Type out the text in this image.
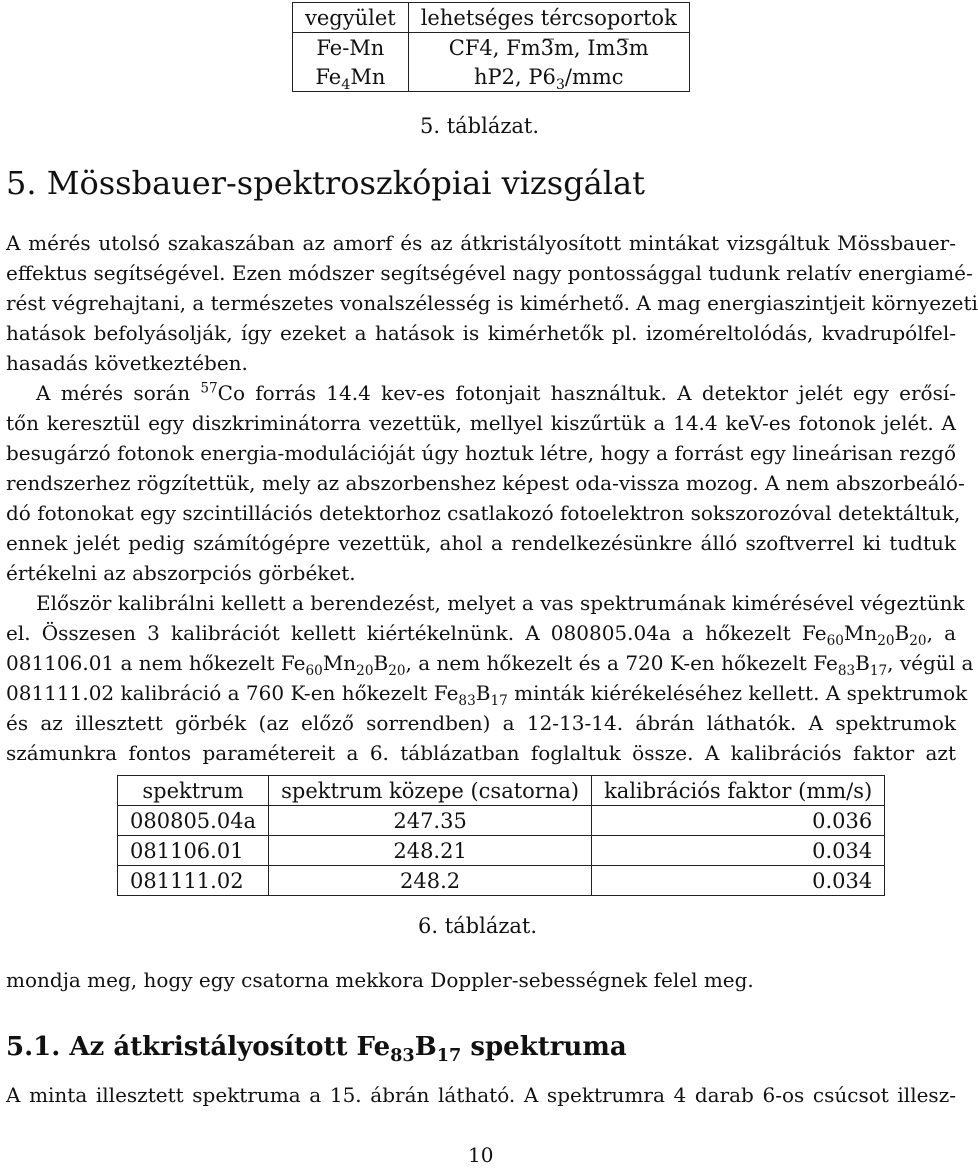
vegyület	lehetséges tércsoportok
Fe-Mn	CF4, Fm3̅m, Im3̅m
$Fe_4Mn$	hP2, $P6_3$/mmc
5. táblázat.
5. Mössbauer-spektroszkópiai vizsgálat
A mérés utolsó szakaszában az amorf és az átkristályosított mintákat vizsgáltuk Mössbauer-
effektus segítségével. Ezen módszer segítségével nagy pontossággal tudunk relatív energiamé-
rést végrehajtani, a természetes vonalszélesség is kimérhető. A mag energiaszintjeit környezeti
hatások befolyásolják, így ezeket a hatások is kimérhetők pl. izoméreltolódás, kvadrupólfel-
hasadás következtében.
A mérés során $^{57}$Co forrás 14.4 kev-es fotonjait használtuk. A detektor jelét egy erősí-
tőn keresztül egy diszkriminátorra vezettük, mellyel kiszűrtük a 14.4 keV-es fotonok jelét. A
besugárzó fotonok energia-modulációját úgy hoztuk létre, hogy a forrást egy lineárisan rezgő
rendszerhez rögzítettük, mely az abszorbenshez képest oda-vissza mozog. A nem abszorbeáló-
dó fotonokat egy szcintillációs detektorhoz csatlakozó fotoelektron sokszorozóval detektáltuk,
ennek jelét pedig számítógépre vezettük, ahol a rendelkezésünkre álló szoftverrel ki tudtuk
értékelni az abszorpciós görbéket.
Először kalibrálni kellett a berendezést, melyet a vas spektrumának kimérésével végeztünk
el. Összesen 3 kalibrációt kellett kiértékelnünk. A 080805.04a a hőkezelt $Fe_{60}Mn_{20}B_{20}$, a
081106.01 a nem hőkezelt $Fe_{60}Mn_{20}B_{20}$, a nem hőkezelt és a 720 K-en hőkezelt $Fe_{83}B_{17}$, végül a
081111.02 kalibráció a 760 K-en hőkezelt $Fe_{83}B_{17}$ minták kiérékeléséhez kellett. A spektrumok
és az illesztett görbék (az előző sorrendben) a 12-13-14. ábrán láthatók. A spektrumok
számunkra fontos paramétereit a 6. táblázatban foglaltuk össze. A kalibrációs faktor azt
spektrum	spektrum közepe (csatorna)	kalibrációs faktor (mm/s)
080805.04a	247.35	0.036
081106.01	248.21	0.034
081111.02	248.2	0.034
6. táblázat.
mondja meg, hogy egy csatorna mekkora Doppler-sebességnek felel meg.
5.1. Az átkristályosított $Fe_{83}B_{17}$ spektruma
A minta illesztett spektruma a 15. ábrán látható. A spektrumra 4 darab 6-os csúcsot illesz-
10
